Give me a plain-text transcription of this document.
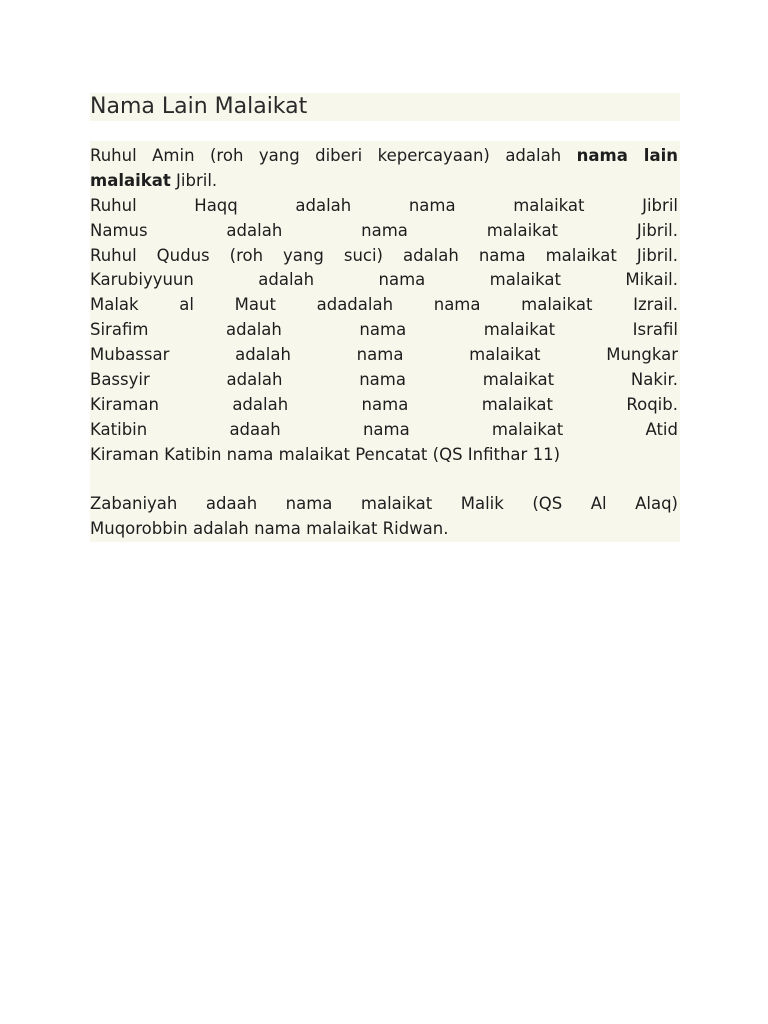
Nama Lain Malaikat
Ruhul Amin (roh yang diberi kepercayaan) adalah nama lain
malaikat Jibril.
Ruhul Haqq adalah nama malaikat Jibril
Namus adalah nama malaikat Jibril.
Ruhul Qudus (roh yang suci) adalah nama malaikat Jibril.
Karubiyyuun adalah nama malaikat Mikail.
Malak al Maut adadalah nama malaikat Izrail.
Sirafim adalah nama malaikat Israfil
Mubassar adalah nama malaikat Mungkar
Bassyir adalah nama malaikat Nakir.
Kiraman adalah nama malaikat Roqib.
Katibin adaah nama malaikat Atid
Kiraman Katibin nama malaikat Pencatat (QS Infithar 11)
Zabaniyah adaah nama malaikat Malik (QS Al Alaq)
Muqorobbin adalah nama malaikat Ridwan.
